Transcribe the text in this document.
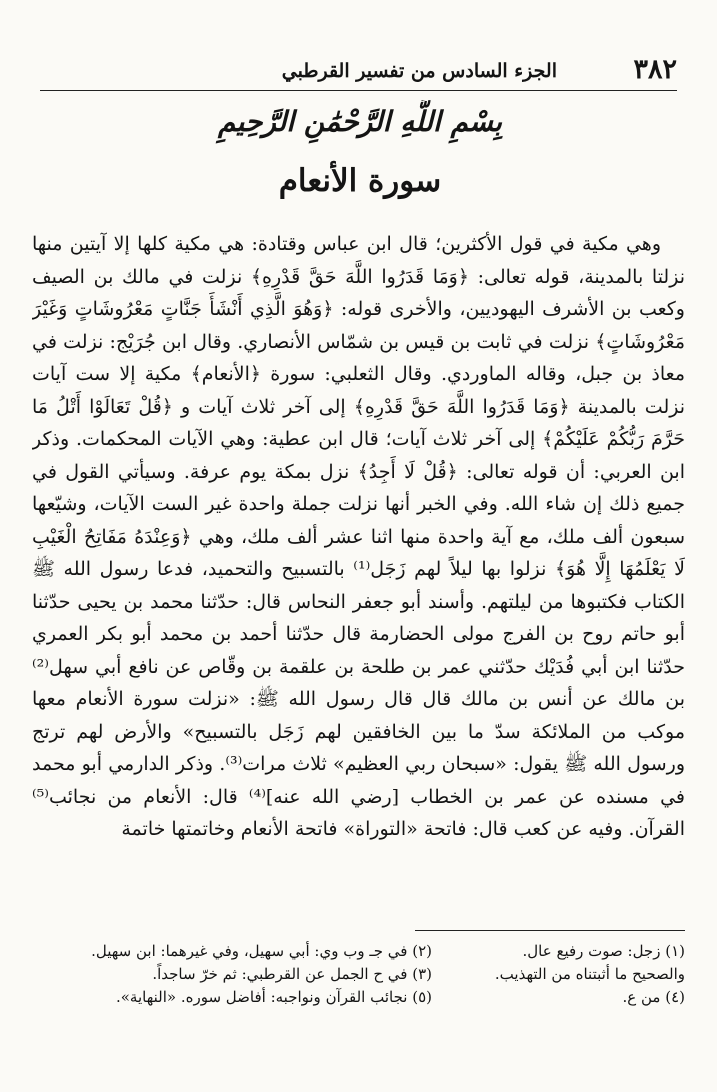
٣٨٢
الجزء السادس من تفسير القرطبي
بِسْمِ اللَّهِ الرَّحْمَٰنِ الرَّحِيمِ
سورة الأنعام
وهي مكية في قول الأكثرين؛ قال ابن عباس وقتادة: هي مكية كلها إلا آيتين منها نزلتا بالمدينة، قوله تعالى: ﴿وَمَا قَدَرُوا اللَّهَ حَقَّ قَدْرِهِ﴾ نزلت في مالك بن الصيف وكعب بن الأشرف اليهوديين، والأخرى قوله: ﴿وَهُوَ الَّذِي أَنْشَأَ جَنَّاتٍ مَعْرُوشَاتٍ وَغَيْرَ مَعْرُوشَاتٍ﴾ نزلت في ثابت بن قيس بن شمّاس الأنصاري. وقال ابن جُرَيْج: نزلت في معاذ بن جبل، وقاله الماوردي. وقال الثعلبي: سورة ﴿الأنعام﴾ مكية إلا ست آيات نزلت بالمدينة ﴿وَمَا قَدَرُوا اللَّهَ حَقَّ قَدْرِهِ﴾ إلى آخر ثلاث آيات و ﴿قُلْ تَعَالَوْا أَتْلُ مَا حَرَّمَ رَبُّكُمْ عَلَيْكُمْ﴾ إلى آخر ثلاث آيات؛ قال ابن عطية: وهي الآيات المحكمات. وذكر ابن العربي: أن قوله تعالى: ﴿قُلْ لَا أَجِدُ﴾ نزل بمكة يوم عرفة. وسيأتي القول في جميع ذلك إن شاء الله. وفي الخبر أنها نزلت جملة واحدة غير الست الآيات، وشيّعها سبعون ألف ملك، مع آية واحدة منها اثنا عشر ألف ملك، وهي ﴿وَعِنْدَهُ مَفَاتِحُ الْغَيْبِ لَا يَعْلَمُهَا إِلَّا هُوَ﴾ نزلوا بها ليلاً لهم زَجَل⁽¹⁾ بالتسبيح والتحميد، فدعا رسول الله ﷺ الكتاب فكتبوها من ليلتهم. وأسند أبو جعفر النحاس قال: حدّثنا محمد بن يحيى حدّثنا أبو حاتم روح بن الفرج مولى الحضارمة قال حدّثنا أحمد بن محمد أبو بكر العمري حدّثنا ابن أبي فُدَيْك حدّثني عمر بن طلحة بن علقمة بن وقّاص عن نافع أبي سهل⁽²⁾ بن مالك عن أنس بن مالك قال قال رسول الله ﷺ: «نزلت سورة الأنعام معها موكب من الملائكة سدّ ما بين الخافقين لهم زَجَل بالتسبيح» والأرض لهم ترتج ورسول الله ﷺ يقول: «سبحان ربي العظيم» ثلاث مرات⁽³⁾. وذكر الدارمي أبو محمد في مسنده عن عمر بن الخطاب [رضي الله عنه]⁽⁴⁾ قال: الأنعام من نجائب⁽⁵⁾ القرآن. وفيه عن كعب قال: فاتحة «التوراة» فاتحة الأنعام وخاتمتها خاتمة
(١) زجل: صوت رفيع عال.
والصحيح ما أثبتناه من التهذيب.
(٤) من ع.
(٢) في جـ وب وي: أبي سهيل، وفي غيرهما: ابن سهيل.
(٣) في ح الجمل عن القرطبي: ثم خرّ ساجداً.
(٥) نجائب القرآن ونواجبه: أفاضل سوره. «النهاية».
